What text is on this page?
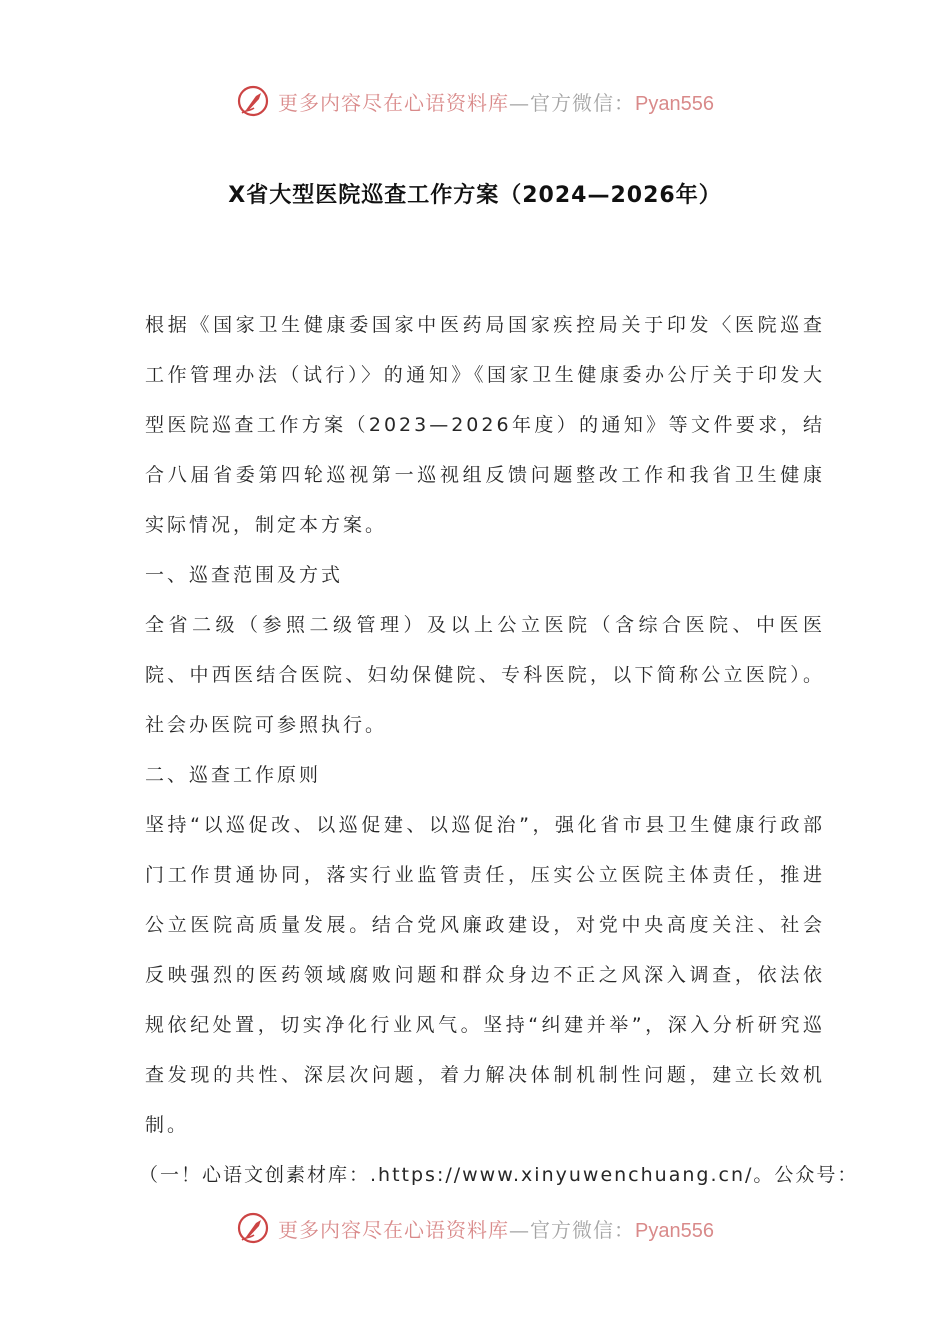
更多内容尽在心语资料库—官方微信：Pyan556
X省大型医院巡查工作方案（2024—2026年）

根据《国家卫生健康委国家中医药局国家疾控局关于印发〈医院巡查工作管理办法（试行）〉的通知》《国家卫生健康委办公厅关于印发大型医院巡查工作方案（2023—2026年度）的通知》等文件要求，结合八届省委第四轮巡视第一巡视组反馈问题整改工作和我省卫生健康实际情况，制定本方案。

一、巡查范围及方式

全省二级（参照二级管理）及以上公立医院（含综合医院、中医医院、中西医结合医院、妇幼保健院、专科医院，以下简称公立医院）。社会办医院可参照执行。

二、巡查工作原则

坚持“以巡促改、以巡促建、以巡促治”，强化省市县卫生健康行政部门工作贯通协同，落实行业监管责任，压实公立医院主体责任，推进公立医院高质量发展。结合党风廉政建设，对党中央高度关注、社会反映强烈的医药领域腐败问题和群众身边不正之风深入调查，依法依规依纪处置，切实净化行业风气。坚持“纠建并举”，深入分析研究巡查发现的共性、深层次问题，着力解决体制机制性问题，建立长效机制。

（一！心语文创素材库：.https://www.xinyuwenchuang.cn/。公众号：

更多内容尽在心语资料库—官方微信：Pyan556
